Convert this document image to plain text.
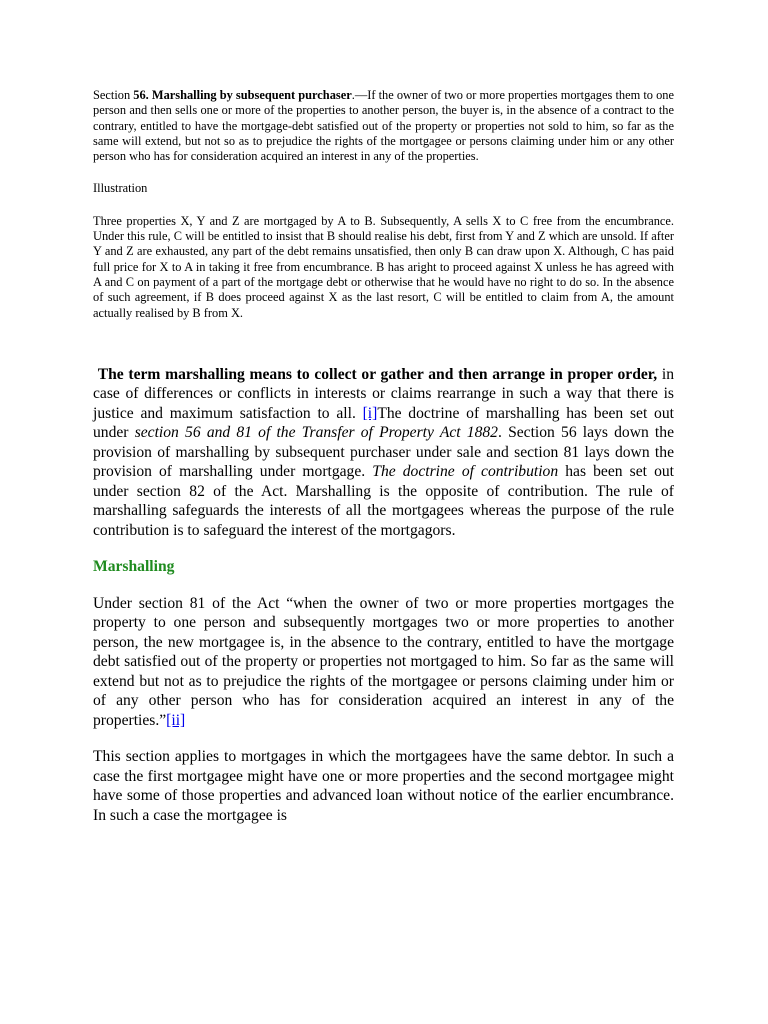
Section 56. Marshalling by subsequent purchaser.—If the owner of two or more properties mortgages them to one person and then sells one or more of the properties to another person, the buyer is, in the absence of a contract to the contrary, entitled to have the mortgage-debt satisfied out of the property or properties not sold to him, so far as the same will extend, but not so as to prejudice the rights of the mortgagee or persons claiming under him or any other person who has for consideration acquired an interest in any of the properties.

Illustration

Three properties X, Y and Z are mortgaged by A to B. Subsequently, A sells X to C free from the encumbrance. Under this rule, C will be entitled to insist that B should realise his debt, first from Y and Z which are unsold. If after Y and Z are exhausted, any part of the debt remains unsatisfied, then only B can draw upon X. Although, C has paid full price for X to A in taking it free from encumbrance. B has aright to proceed against X unless he has agreed with A and C on payment of a part of the mortgage debt or otherwise that he would have no right to do so. In the absence of such agreement, if B does proceed against X as the last resort, C will be entitled to claim from A, the amount actually realised by B from X.

The term marshalling means to collect or gather and then arrange in proper order, in case of differences or conflicts in interests or claims rearrange in such a way that there is justice and maximum satisfaction to all. [i]The doctrine of marshalling has been set out under section 56 and 81 of the Transfer of Property Act 1882. Section 56 lays down the provision of marshalling by subsequent purchaser under sale and section 81 lays down the provision of marshalling under mortgage. The doctrine of contribution has been set out under section 82 of the Act. Marshalling is the opposite of contribution. The rule of marshalling safeguards the interests of all the mortgagees whereas the purpose of the rule contribution is to safeguard the interest of the mortgagors.

Marshalling

Under section 81 of the Act “when the owner of two or more properties mortgages the property to one person and subsequently mortgages two or more properties to another person, the new mortgagee is, in the absence to the contrary, entitled to have the mortgage debt satisfied out of the property or properties not mortgaged to him. So far as the same will extend but not as to prejudice the rights of the mortgagee or persons claiming under him or of any other person who has for consideration acquired an interest in any of the properties.”[ii]

This section applies to mortgages in which the mortgagees have the same debtor. In such a case the first mortgagee might have one or more properties and the second mortgagee might have some of those properties and advanced loan without notice of the earlier encumbrance. In such a case the mortgagee is
